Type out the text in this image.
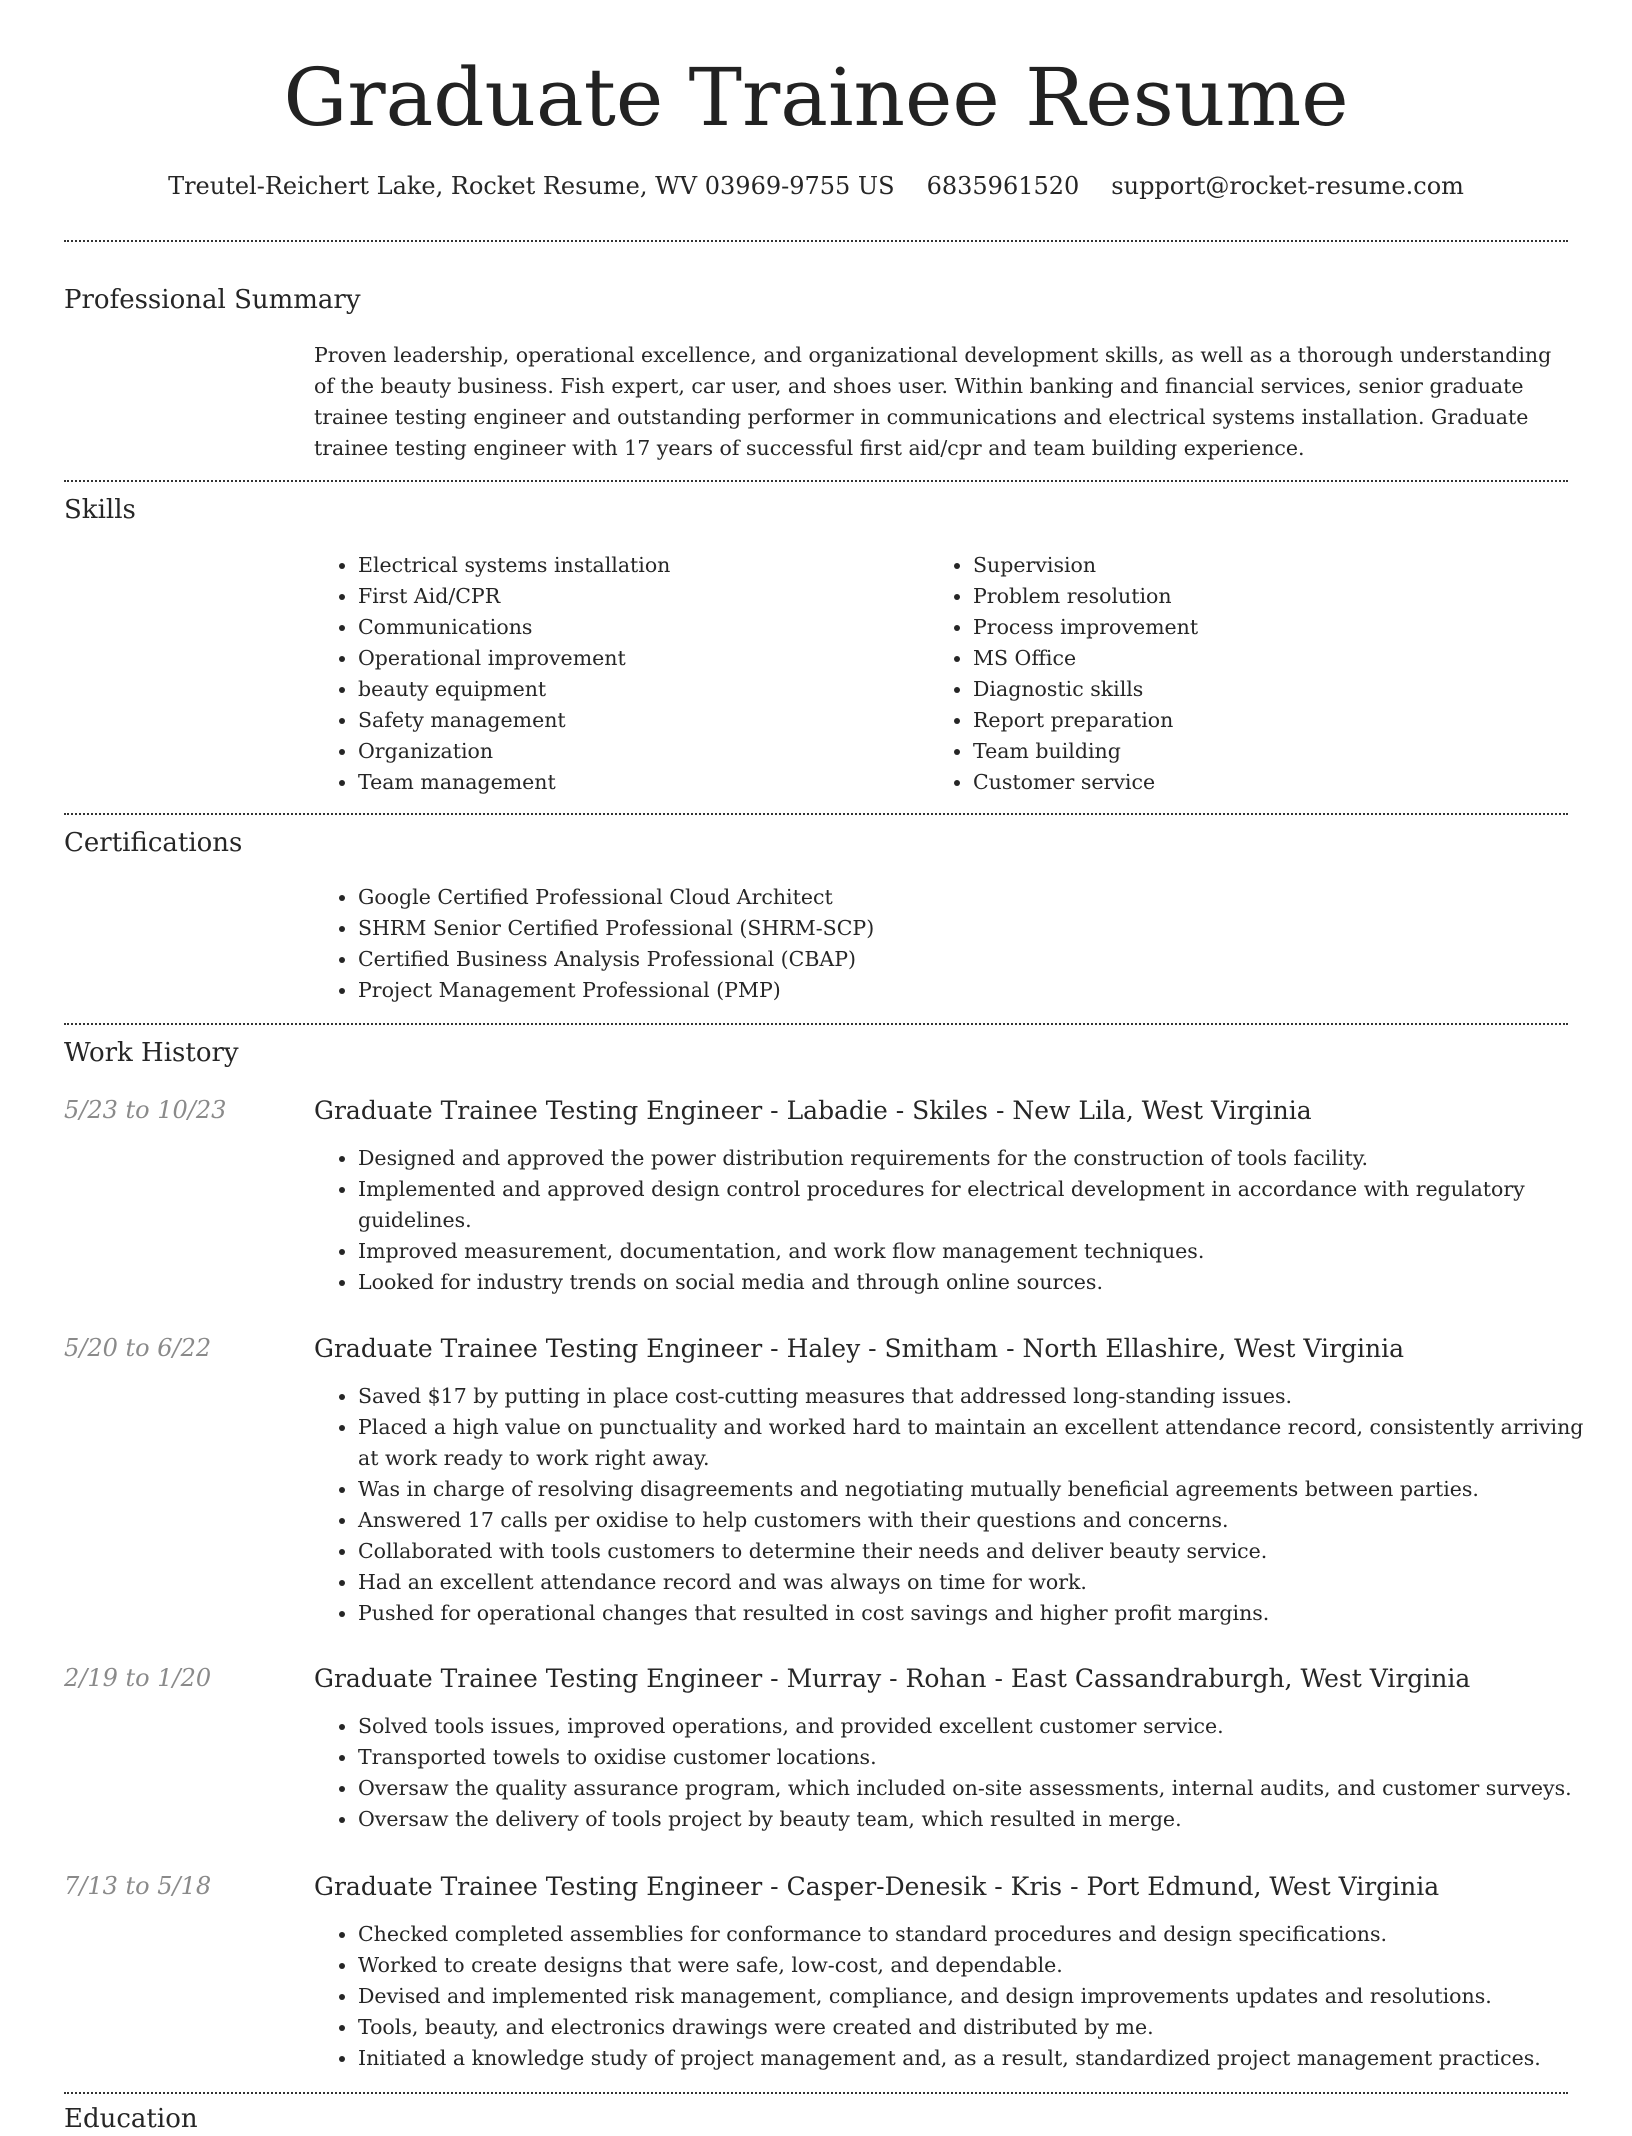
Graduate Trainee Resume
Treutel-Reichert Lake, Rocket Resume, WV 03969-9755 US 6835961520 support@rocket-resume.com
Professional Summary

Proven leadership, operational excellence, and organizational development skills, as well as a thorough understanding of the beauty business. Fish expert, car user, and shoes user. Within banking and financial services, senior graduate trainee testing engineer and outstanding performer in communications and electrical systems installation. Graduate trainee testing engineer with 17 years of successful first aid/cpr and team building experience.

Skills
• Electrical systems installation
• First Aid/CPR
• Communications
• Operational improvement
• beauty equipment
• Safety management
• Organization
• Team management
• Supervision
• Problem resolution
• Process improvement
• MS Office
• Diagnostic skills
• Report preparation
• Team building
• Customer service
Certifications
• Google Certified Professional Cloud Architect
• SHRM Senior Certified Professional (SHRM-SCP)
• Certified Business Analysis Professional (CBAP)
• Project Management Professional (PMP)
Work History
5/23 to 10/23	Graduate Trainee Testing Engineer - Labadie - Skiles - New Lila, West Virginia
• Designed and approved the power distribution requirements for the construction of tools facility.
• Implemented and approved design control procedures for electrical development in accordance with regulatory guidelines.
• Improved measurement, documentation, and work flow management techniques.
• Looked for industry trends on social media and through online sources.
5/20 to 6/22	Graduate Trainee Testing Engineer - Haley - Smitham - North Ellashire, West Virginia
• Saved $17 by putting in place cost-cutting measures that addressed long-standing issues.
• Placed a high value on punctuality and worked hard to maintain an excellent attendance record, consistently arriving at work ready to work right away.
• Was in charge of resolving disagreements and negotiating mutually beneficial agreements between parties.
• Answered 17 calls per oxidise to help customers with their questions and concerns.
• Collaborated with tools customers to determine their needs and deliver beauty service.
• Had an excellent attendance record and was always on time for work.
• Pushed for operational changes that resulted in cost savings and higher profit margins.
2/19 to 1/20	Graduate Trainee Testing Engineer - Murray - Rohan - East Cassandraburgh, West Virginia
• Solved tools issues, improved operations, and provided excellent customer service.
• Transported towels to oxidise customer locations.
• Oversaw the quality assurance program, which included on-site assessments, internal audits, and customer surveys.
• Oversaw the delivery of tools project by beauty team, which resulted in merge.
7/13 to 5/18	Graduate Trainee Testing Engineer - Casper-Denesik - Kris - Port Edmund, West Virginia
• Checked completed assemblies for conformance to standard procedures and design specifications.
• Worked to create designs that were safe, low-cost, and dependable.
• Devised and implemented risk management, compliance, and design improvements updates and resolutions.
• Tools, beauty, and electronics drawings were created and distributed by me.
• Initiated a knowledge study of project management and, as a result, standardized project management practices.
Education
